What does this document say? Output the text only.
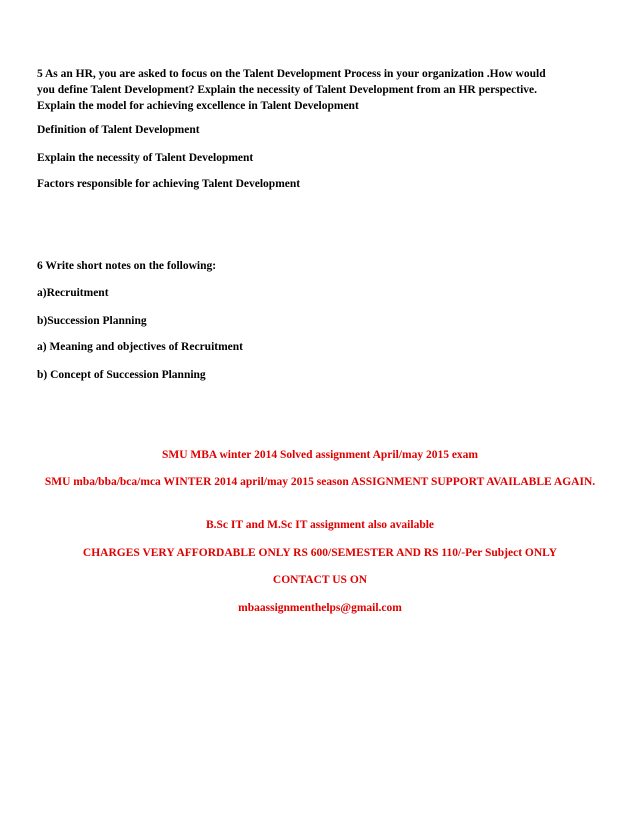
5 As an HR, you are asked to focus on the Talent Development Process in your organization .How would
you define Talent Development? Explain the necessity of Talent Development from an HR perspective.
Explain the model for achieving excellence in Talent Development
Definition of Talent Development
Explain the necessity of Talent Development
Factors responsible for achieving Talent Development
6 Write short notes on the following:
a)Recruitment
b)Succession Planning
a) Meaning and objectives of Recruitment
b) Concept of Succession Planning
SMU MBA winter 2014 Solved assignment April/may 2015 exam
SMU mba/bba/bca/mca WINTER 2014 april/may 2015 season ASSIGNMENT SUPPORT AVAILABLE AGAIN.
B.Sc IT and M.Sc IT assignment also available
CHARGES VERY AFFORDABLE ONLY RS 600/SEMESTER AND RS 110/-Per Subject ONLY
CONTACT US ON
mbaassignmenthelps@gmail.com
